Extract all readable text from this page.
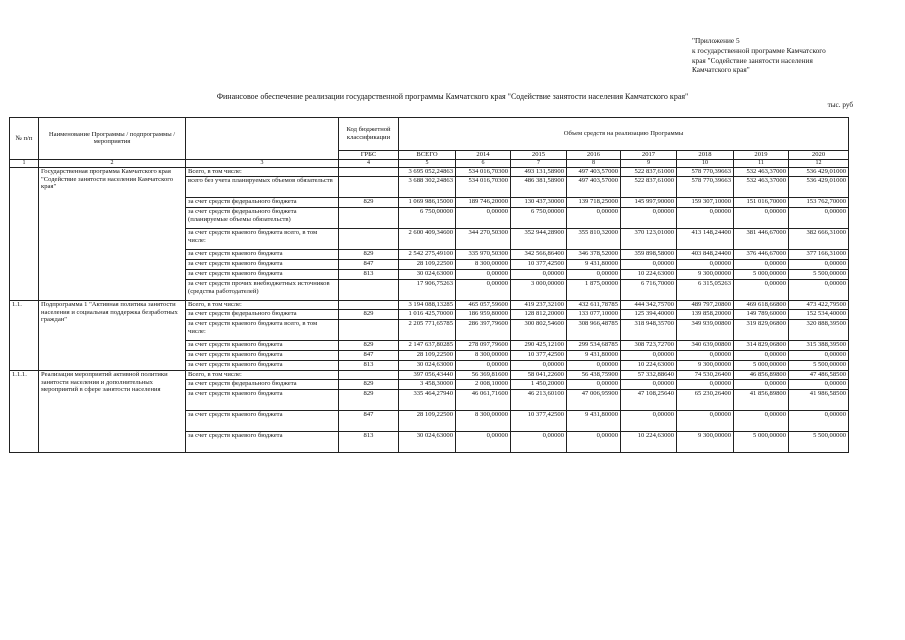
"Приложение 5
к государственной программе Камчатского
края "Содействие занятости населения
Камчатского края"
Финансовое обеспечение реализации государственной программы Камчатского края "Содействие занятости населения Камчатского края"
тыс. руб
№ п/п	Наименование Программы / подпрограммы / мероприятия		Код бюджетной классификации	Объем средств на реализацию Программы							
			ГРБС	ВСЕГО	2014	2015	2016	2017	2018	2019	2020
1	2	3	4	5	6	7	8	9	10	11	12
	Государственная программа Камчатского края "Содействие занятости населения Камчатского края"	Всего, в том числе:		3 695 052,24863	534 016,70300	493 131,58900	497 403,57000	522 837,61000	578 770,39663	532 463,37000	536 429,01000
		всего без учета планируемых объемов обязательств		3 688 302,24863	534 016,70300	486 381,58900	497 403,57000	522 837,61000	578 770,39663	532 463,37000	536 429,01000
		за счет средств федерального бюджета	829	1 069 986,15000	189 746,20000	130 437,30000	139 718,25000	145 997,90000	159 307,10000	151 016,70000	153 762,70000
		за счет средств федерального бюджета (планируемые объемы обязательств)		6 750,00000	0,00000	6 750,00000	0,00000	0,00000	0,00000	0,00000	0,00000
		за счет средств краевого бюджета всего, в том числе:		2 600 409,34600	344 270,50300	352 944,28900	355 810,32000	370 123,01000	413 148,24400	381 446,67000	382 666,31000
		за счет средств краевого бюджета	829	2 542 275,49100	335 970,50300	342 566,86400	346 378,52000	359 898,58000	403 848,24400	376 446,67000	377 166,31000
		за счет средств краевого бюджета	847	28 109,22500	8 300,00000	10 377,42500	9 431,80000	0,00000	0,00000	0,00000	0,00000
		за счет средств краевого бюджета	813	30 024,63000	0,00000	0,00000	0,00000	10 224,63000	9 300,00000	5 000,00000	5 500,00000
		за счет средств прочих внебюджетных источников (средства работодателей)		17 906,75263	0,00000	3 000,00000	1 875,00000	6 716,70000	6 315,05263	0,00000	0,00000
1.1.	Подпрограмма 1 "Активная политика занятости населения и социальная поддержка безработных граждан"	Всего, в том числе:		3 194 088,13285	465 057,59600	419 237,32100	432 611,78785	444 342,75700	489 797,20800	469 618,66800	473 422,79500
		за счет средств федерального бюджета	829	1 016 425,70000	186 959,80000	128 812,20000	133 077,10000	125 394,40000	139 858,20000	149 789,60000	152 534,40000
		за счет средств краевого бюджета всего, в том числе:		2 205 771,65785	286 397,79600	300 802,54600	308 966,48785	318 948,35700	349 939,00800	319 829,06800	320 888,39500
		за счет средств краевого бюджета	829	2 147 637,80285	278 097,79600	290 425,12100	299 534,68785	308 723,72700	340 639,00800	314 829,06800	315 388,39500
		за счет средств краевого бюджета	847	28 109,22500	8 300,00000	10 377,42500	9 431,80000	0,00000	0,00000	0,00000	0,00000
		за счет средств краевого бюджета	813	30 024,63000	0,00000	0,00000	0,00000	10 224,63000	9 300,00000	5 000,00000	5 500,00000
1.1.1.	Реализация мероприятий активной политики занятости населения и дополнительных мероприятий в сфере занятости населения	Всего, в том числе:		397 056,43440	56 369,81600	58 041,22600	56 438,75900	57 332,88640	74 530,26400	46 856,89800	47 486,58500
		за счет средств федерального бюджета	829	3 458,30000	2 008,10000	1 450,20000	0,00000	0,00000	0,00000	0,00000	0,00000
		за счет средств краевого бюджета	829	335 464,27940	46 061,71600	46 213,60100	47 006,95900	47 108,25640	65 230,26400	41 856,89800	41 986,58500
		за счет средств краевого бюджета	847	28 109,22500	8 300,00000	10 377,42500	9 431,80000	0,00000	0,00000	0,00000	0,00000
		за счет средств краевого бюджета	813	30 024,63000	0,00000	0,00000	0,00000	10 224,63000	9 300,00000	5 000,00000	5 500,00000
